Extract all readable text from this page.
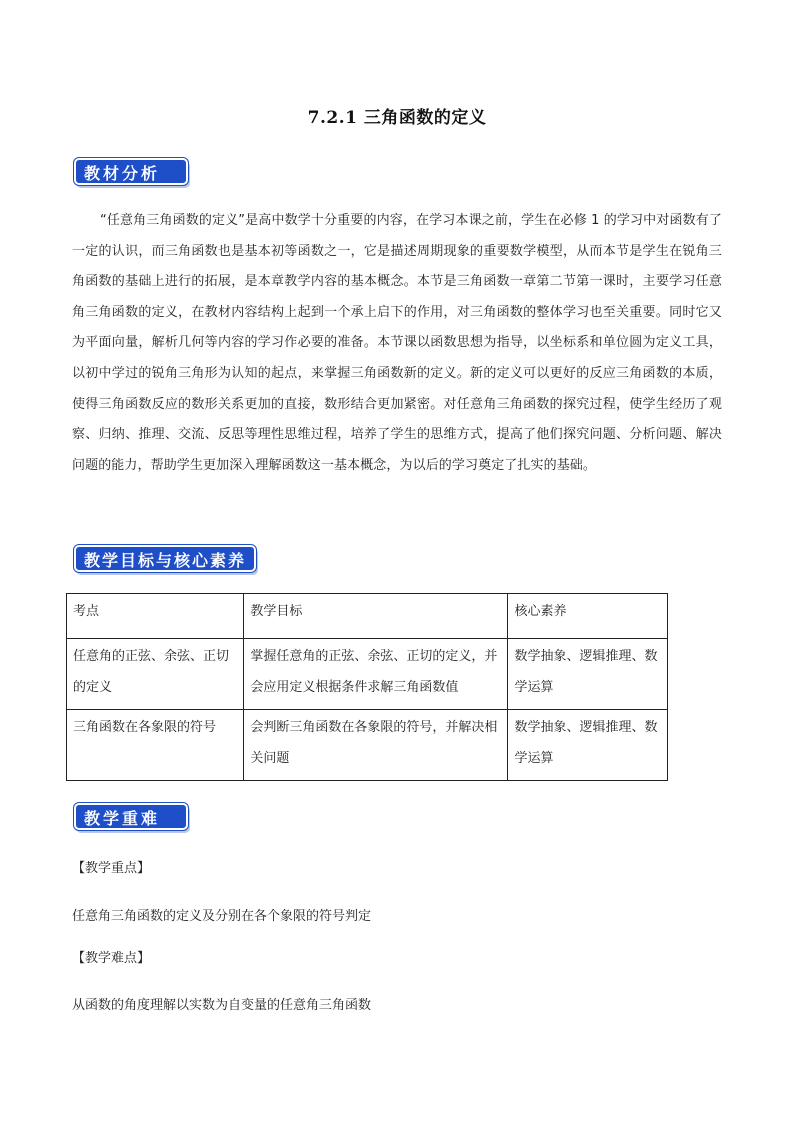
7.2.1 三角函数的定义
教材分析

“任意角三角函数的定义”是高中数学十分重要的内容，在学习本课之前，学生在必修 1 的学习中对函数有了一定的认识，而三角函数也是基本初等函数之一，它是描述周期现象的重要数学模型，从而本节是学生在锐角三角函数的基础上进行的拓展，是本章教学内容的基本概念。本节是三角函数一章第二节第一课时，主要学习任意角三角函数的定义，在教材内容结构上起到一个承上启下的作用，对三角函数的整体学习也至关重要。同时它又为平面向量，解析几何等内容的学习作必要的准备。本节课以函数思想为指导，以坐标系和单位圆为定义工具，以初中学过的锐角三角形为认知的起点，来掌握三角函数新的定义。新的定义可以更好的反应三角函数的本质，使得三角函数反应的数形关系更加的直接，数形结合更加紧密。对任意角三角函数的探究过程，使学生经历了观察、归纳、推理、交流、反思等理性思维过程，培养了学生的思维方式，提高了他们探究问题、分析问题、解决问题的能力，帮助学生更加深入理解函数这一基本概念，为以后的学习奠定了扎实的基础。

教学目标与核心素养
考点	教学目标	核心素养
任意角的正弦、余弦、正切的定义	掌握任意角的正弦、余弦、正切的定义，并会应用定义根据条件求解三角函数值	数学抽象、逻辑推理、数学运算
三角函数在各象限的符号	会判断三角函数在各象限的符号，并解决相关问题	数学抽象、逻辑推理、数学运算
教学重难点
【教学重点】
任意角三角函数的定义及分别在各个象限的符号判定
【教学难点】
从函数的角度理解以实数为自变量的任意角三角函数
